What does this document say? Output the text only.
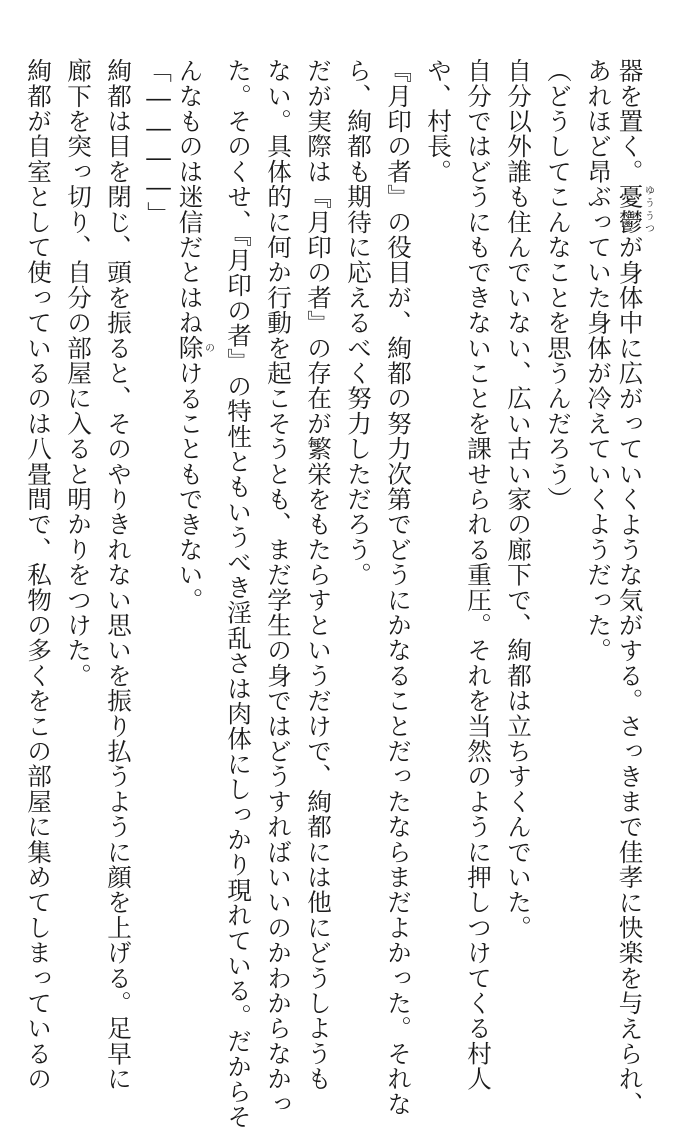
器を置く。憂鬱ゆううつが身体中に広がっていくような気がする。さっきまで佳孝に快楽を与えられ、

あれほど昂ぶっていた身体が冷えていくようだった。

（どうしてこんなことを思うんだろう）

自分以外誰も住んでいない、広い古い家の廊下で、絢都は立ちすくんでいた。

自分ではどうにもできないことを課せられる重圧。それを当然のように押しつけてくる村人

や、村長。

『月印の者』の役目が、絢都の努力次第でどうにかなることだったならまだよかった。それな

ら、絢都も期待に応えるべく努力しただろう。

だが実際は『月印の者』の存在が繁栄をもたらすというだけで、絢都には他にどうしようも

ない。具体的に何か行動を起こそうとも、まだ学生の身ではどうすればいいのかわからなかっ

た。そのくせ、『月印の者』の特性ともいうべき淫乱さは肉体にしっかり現れている。だからそ

んなものは迷信だとはね除のけることもできない。

「――――」

絢都は目を閉じ、頭を振ると、そのやりきれない思いを振り払うように顔を上げる。足早に

廊下を突っ切り、自分の部屋に入ると明かりをつけた。

絢都が自室として使っているのは八畳間で、私物の多くをこの部屋に集めてしまっているの
